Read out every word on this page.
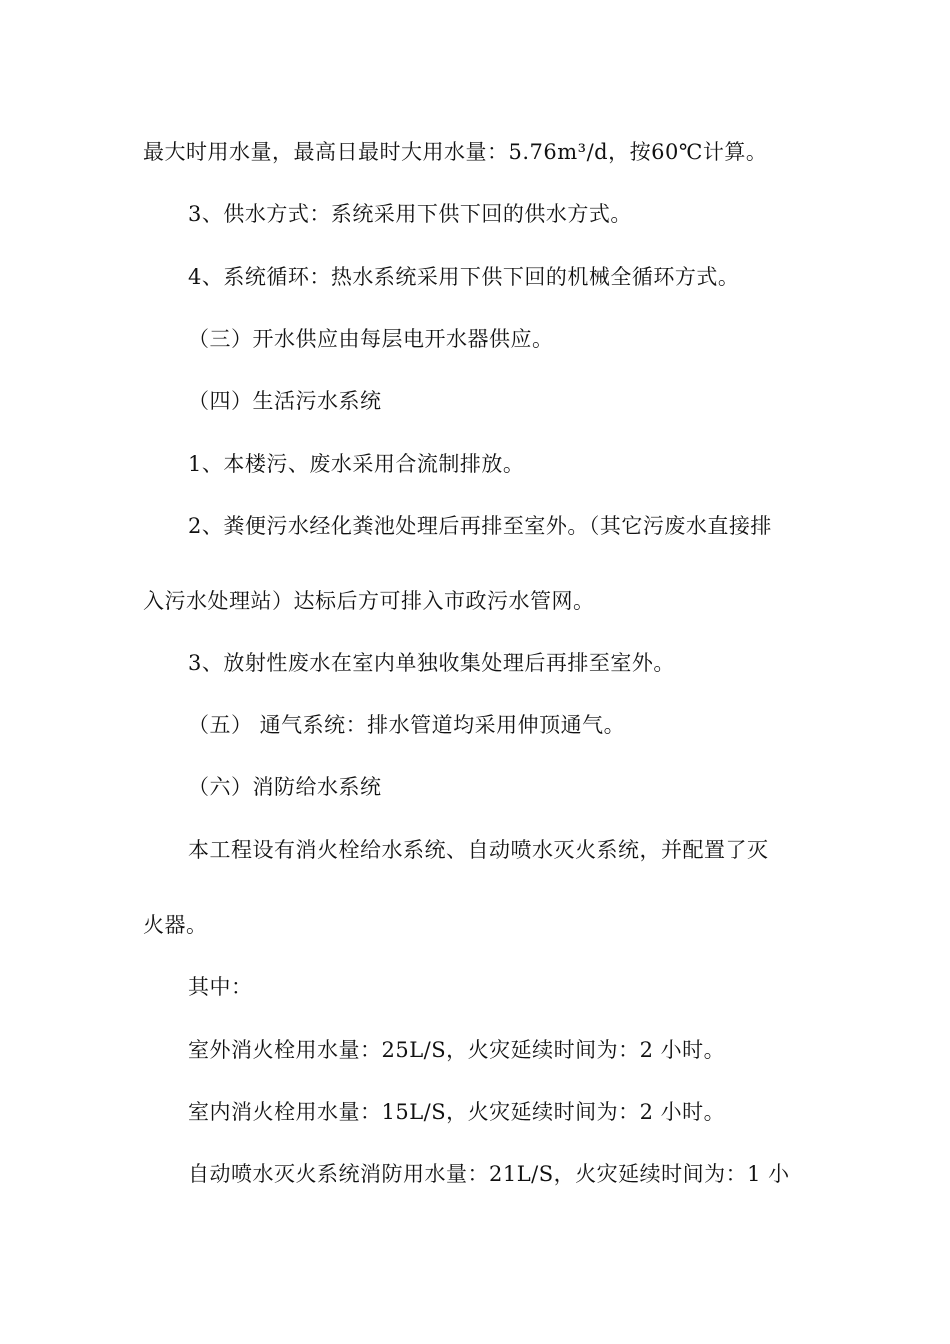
最大时用水量，最高日最时大用水量：5.76m³/d，按60℃计算。
3、供水方式：系统采用下供下回的供水方式。
4、系统循环：热水系统采用下供下回的机械全循环方式。
（三）开水供应由每层电开水器供应。
（四）生活污水系统
1、本楼污、废水采用合流制排放。
2、粪便污水经化粪池处理后再排至室外。（其它污废水直接排
入污水处理站）达标后方可排入市政污水管网。
3、放射性废水在室内单独收集处理后再排至室外。
（五） 通气系统：排水管道均采用伸顶通气。
（六）消防给水系统
本工程设有消火栓给水系统、自动喷水灭火系统，并配置了灭
火器。
其中：
室外消火栓用水量：25L/S，火灾延续时间为：2 小时。
室内消火栓用水量：15L/S，火灾延续时间为：2 小时。
自动喷水灭火系统消防用水量：21L/S，火灾延续时间为：1 小
